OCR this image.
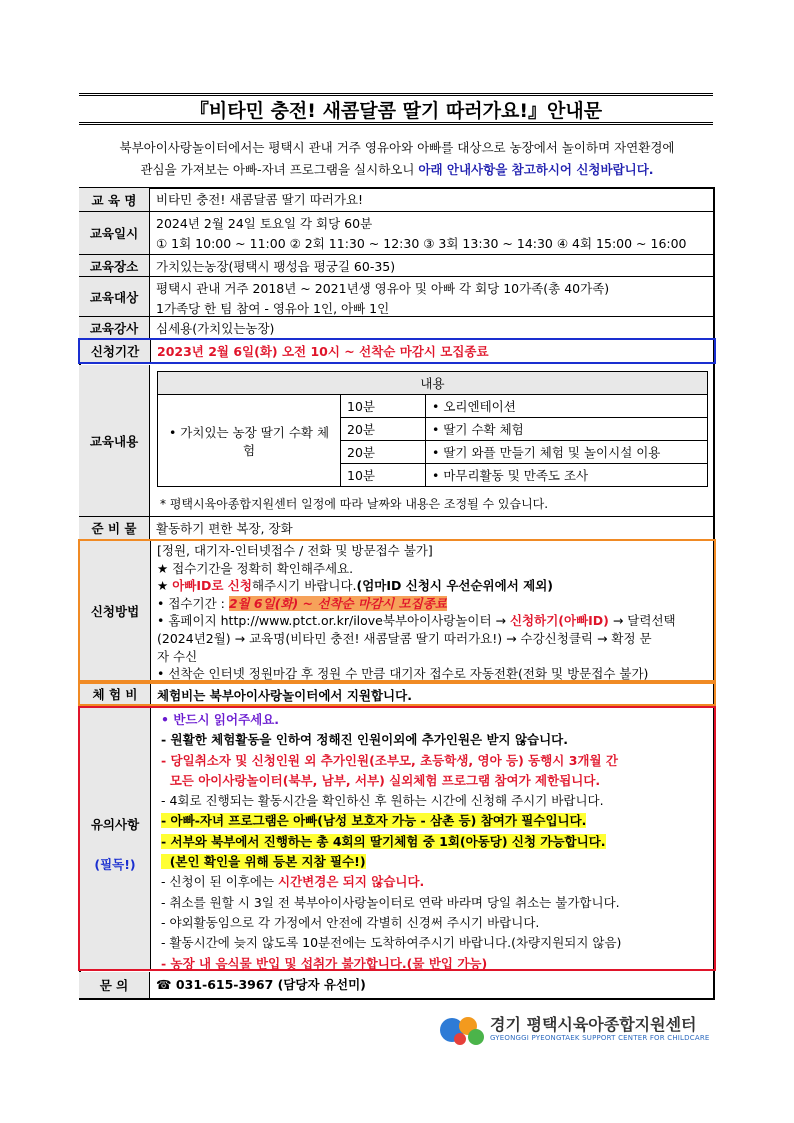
『비타민 충전! 새콤달콤 딸기 따러가요!』안내문
북부아이사랑놀이터에서는 평택시 관내 거주 영유아와 아빠를 대상으로 농장에서 놀이하며 자연환경에
관심을 가져보는 아빠-자녀 프로그램을 실시하오니 아래 안내사항을 참고하시어 신청바랍니다.
교 육 명	비타민 충전! 새콤달콤 딸기 따러가요!
교육일시
2024년 2월 24일 토요일 각 회당 60분
① 1회 10:00 ~ 11:00 ② 2회 11:30 ~ 12:30 ③ 3회 13:30 ~ 14:30 ④ 4회 15:00 ~ 16:00
교육장소	가치있는농장(평택시 팽성읍 평궁길 60-35)
교육대상
평택시 관내 거주 2018년 ~ 2021년생 영유아 및 아빠 각 회당 10가족(총 40가족)
1가족당 한 팀 참여 - 영유아 1인, 아빠 1인
교육강사	심세용(가치있는농장)
신청기간	2023년 2월 6일(화) 오전 10시 ~ 선착순 마감시 모집종료
교육내용
내용		
• 가치있는 농장 딸기 수확 체험	10분	• 오리엔테이션
	20분	• 딸기 수확 체험
	20분	• 딸기 와플 만들기 체험 및 놀이시설 이용
	10분	• 마무리활동 및 만족도 조사
* 평택시육아종합지원센터 일정에 따라 날짜와 내용은 조정될 수 있습니다.
준 비 물	활동하기 편한 복장, 장화
신청방법
[정원, 대기자-인터넷접수 / 전화 및 방문접수 불가]
★ 접수기간을 정확히 확인해주세요.
★ 아빠ID로 신청해주시기 바랍니다.(엄마ID 신청시 우선순위에서 제외)
• 접수기간 : 2월 6일(화) ~ 선착순 마감시 모집종료
• 홈페이지 http://www.ptct.or.kr/ilove북부아이사랑놀이터 → 신청하기(아빠ID) → 달력선택
(2024년2월) → 교육명(비타민 충전! 새콤달콤 딸기 따러가요!) → 수강신청클릭 → 확정 문
자 수신
• 선착순 인터넷 정원마감 후 정원 수 만큼 대기자 접수로 자동전환(전화 및 방문접수 불가)
체 험 비	체험비는 북부아이사랑놀이터에서 지원합니다.
유의사항
(필독!)
• 반드시 읽어주세요.
- 원활한 체험활동을 인하여 정해진 인원이외에 추가인원은 받지 않습니다.
- 당일취소자 및 신청인원 외 추가인원(조부모, 초등학생, 영아 등) 동행시 3개월 간
모든 아이사랑놀이터(북부, 남부, 서부) 실외체험 프로그램 참여가 제한됩니다.
- 4회로 진행되는 활동시간을 확인하신 후 원하는 시간에 신청해 주시기 바랍니다.
- 아빠-자녀 프로그램은 아빠(남성 보호자 가능 - 삼촌 등) 참여가 필수입니다.
- 서부와 북부에서 진행하는 총 4회의 딸기체험 중 1회(아동당) 신청 가능합니다.
(본인 확인을 위해 등본 지참 필수!)
- 신청이 된 이후에는 시간변경은 되지 않습니다.
- 취소를 원할 시 3일 전 북부아이사랑놀이터로 연락 바라며 당일 취소는 불가합니다.
- 야외활동임으로 각 가정에서 안전에 각별히 신경써 주시기 바랍니다.
- 활동시간에 늦지 않도록 10분전에는 도착하여주시기 바랍니다.(차량지원되지 않음)
- 농장 내 음식물 반입 및 섭취가 불가합니다.(물 반입 가능)
문 의	☎ 031-615-3967 (담당자 유선미)
경기 평택시육아종합지원센터
GYEONGGI PYEONGTAEK SUPPORT CENTER FOR CHILDCARE
